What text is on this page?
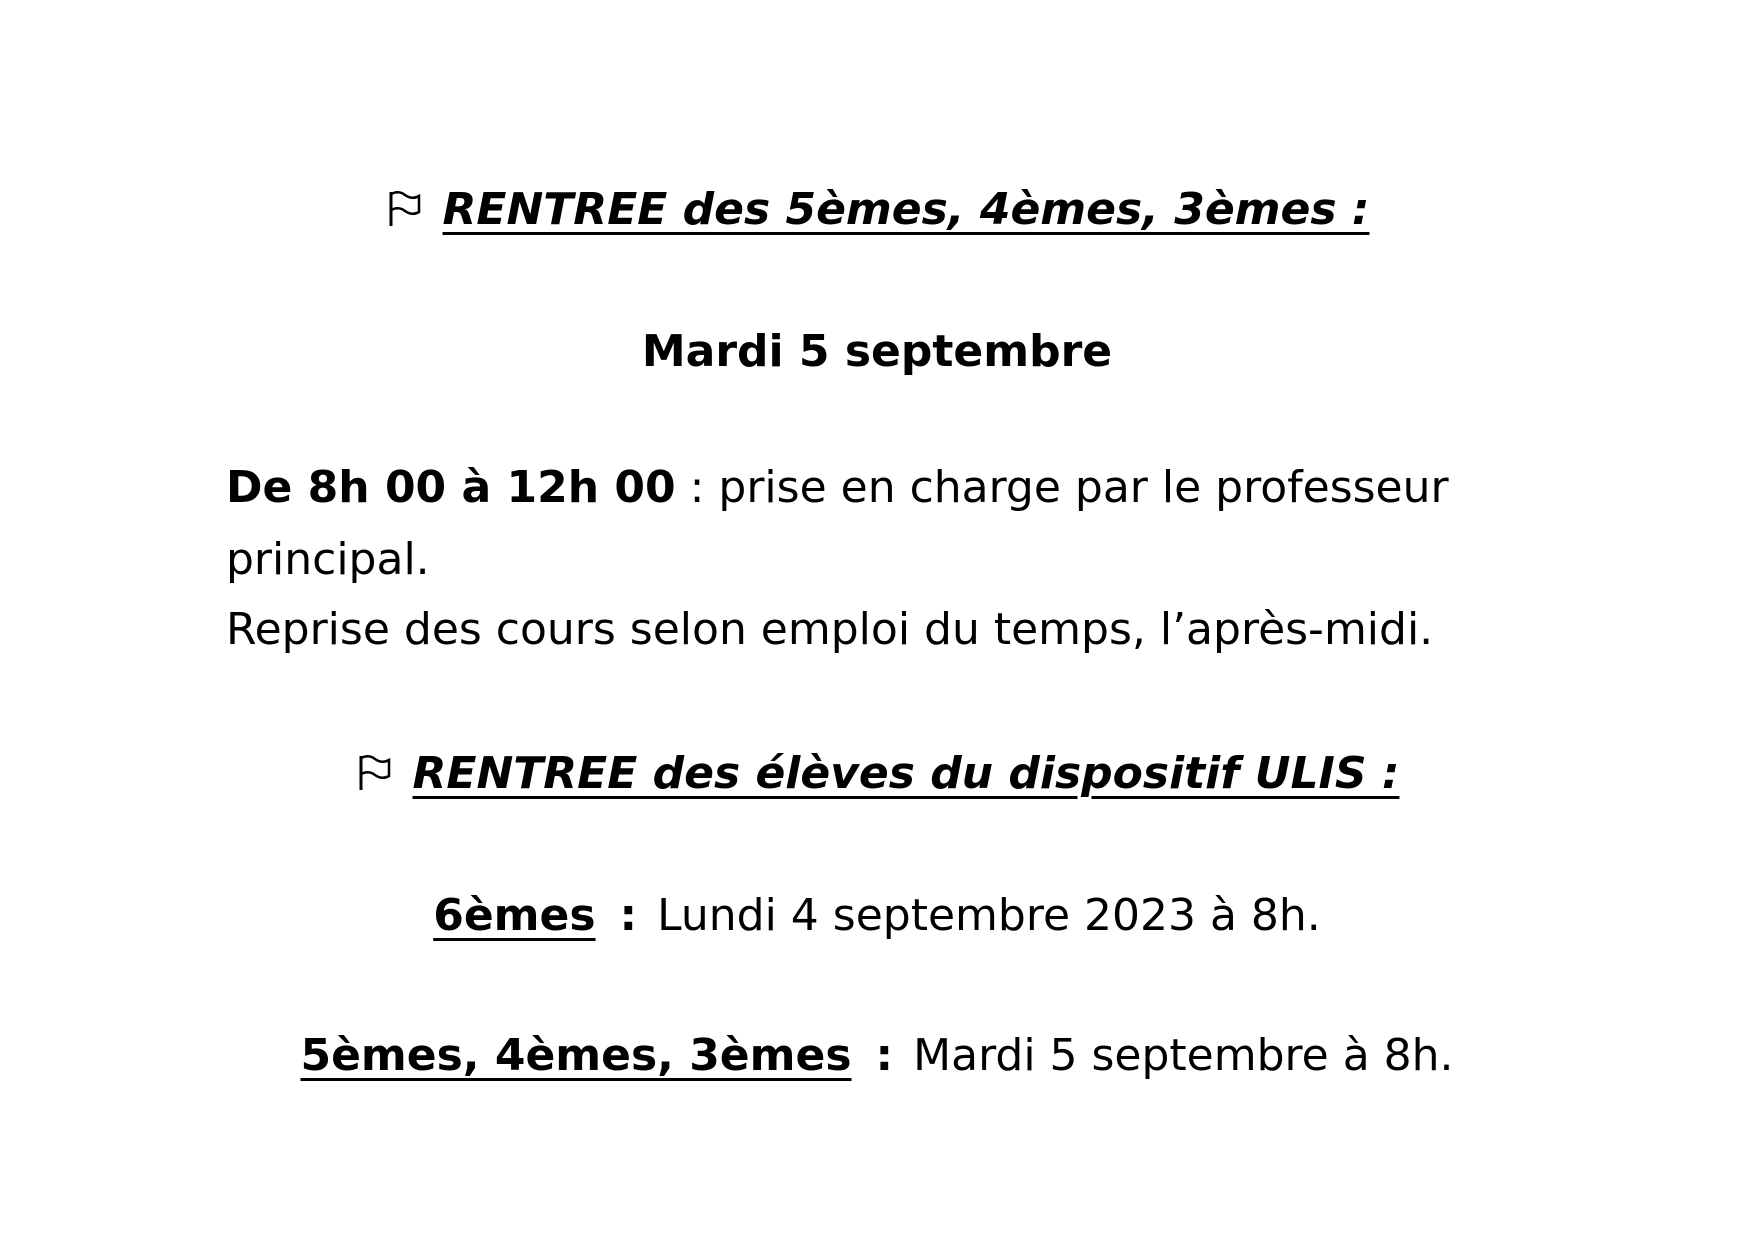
RENTREE des 5èmes, 4èmes, 3èmes :
Mardi 5 septembre
De 8h 00 à 12h 00 : prise en charge par le professeur
principal.
Reprise des cours selon emploi du temps, l’après-midi.
RENTREE des élèves du dispositif ULIS :
6èmes : Lundi 4 septembre 2023 à 8h.
5èmes, 4èmes, 3èmes : Mardi 5 septembre à 8h.
